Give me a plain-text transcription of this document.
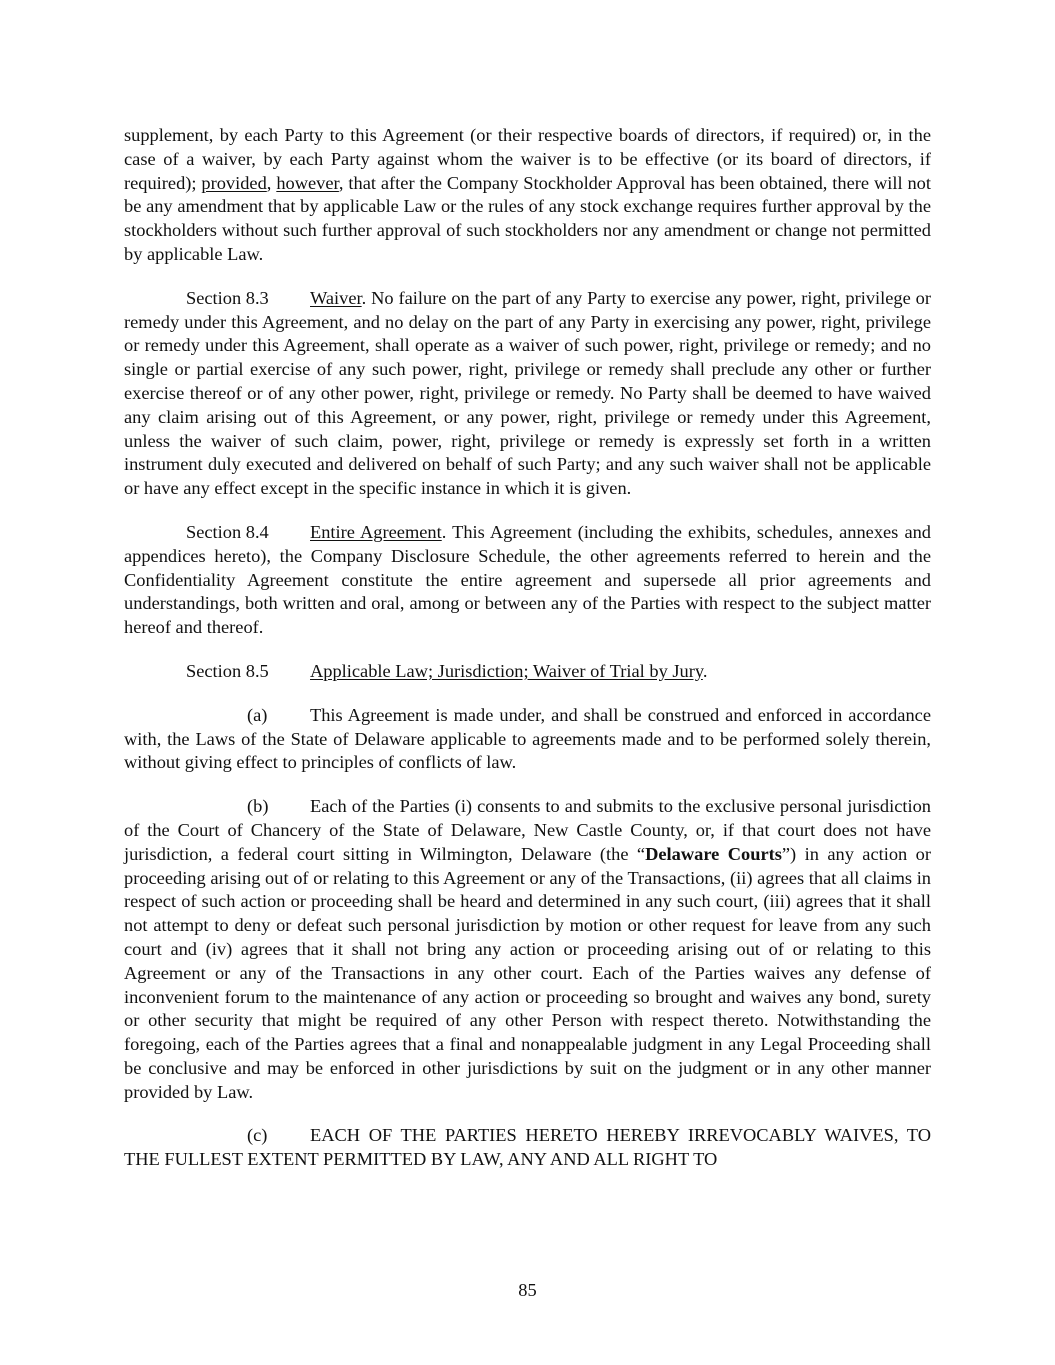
supplement, by each Party to this Agreement (or their respective boards of directors, if required) or, in the case of a waiver, by each Party against whom the waiver is to be effective (or its board of directors, if required); provided, however, that after the Company Stockholder Approval has been obtained, there will not be any amendment that by applicable Law or the rules of any stock exchange requires further approval by the stockholders without such further approval of such stockholders nor any amendment or change not permitted by applicable Law.

Section 8.3 Waiver. No failure on the part of any Party to exercise any power, right, privilege or remedy under this Agreement, and no delay on the part of any Party in exercising any power, right, privilege or remedy under this Agreement, shall operate as a waiver of such power, right, privilege or remedy; and no single or partial exercise of any such power, right, privilege or remedy shall preclude any other or further exercise thereof or of any other power, right, privilege or remedy. No Party shall be deemed to have waived any claim arising out of this Agreement, or any power, right, privilege or remedy under this Agreement, unless the waiver of such claim, power, right, privilege or remedy is expressly set forth in a written instrument duly executed and delivered on behalf of such Party; and any such waiver shall not be applicable or have any effect except in the specific instance in which it is given.

Section 8.4 Entire Agreement. This Agreement (including the exhibits, schedules, annexes and appendices hereto), the Company Disclosure Schedule, the other agreements referred to herein and the Confidentiality Agreement constitute the entire agreement and supersede all prior agreements and understandings, both written and oral, among or between any of the Parties with respect to the subject matter hereof and thereof.

Section 8.5 Applicable Law; Jurisdiction; Waiver of Trial by Jury.

(a) This Agreement is made under, and shall be construed and enforced in accordance with, the Laws of the State of Delaware applicable to agreements made and to be performed solely therein, without giving effect to principles of conflicts of law.

(b) Each of the Parties (i) consents to and submits to the exclusive personal jurisdiction of the Court of Chancery of the State of Delaware, New Castle County, or, if that court does not have jurisdiction, a federal court sitting in Wilmington, Delaware (the “Delaware Courts”) in any action or proceeding arising out of or relating to this Agreement or any of the Transactions, (ii) agrees that all claims in respect of such action or proceeding shall be heard and determined in any such court, (iii) agrees that it shall not attempt to deny or defeat such personal jurisdiction by motion or other request for leave from any such court and (iv) agrees that it shall not bring any action or proceeding arising out of or relating to this Agreement or any of the Transactions in any other court. Each of the Parties waives any defense of inconvenient forum to the maintenance of any action or proceeding so brought and waives any bond, surety or other security that might be required of any other Person with respect thereto. Notwithstanding the foregoing, each of the Parties agrees that a final and nonappealable judgment in any Legal Proceeding shall be conclusive and may be enforced in other jurisdictions by suit on the judgment or in any other manner provided by Law.

(c) EACH OF THE PARTIES HERETO HEREBY IRREVOCABLY WAIVES, TO THE FULLEST EXTENT PERMITTED BY LAW, ANY AND ALL RIGHT TO

85
